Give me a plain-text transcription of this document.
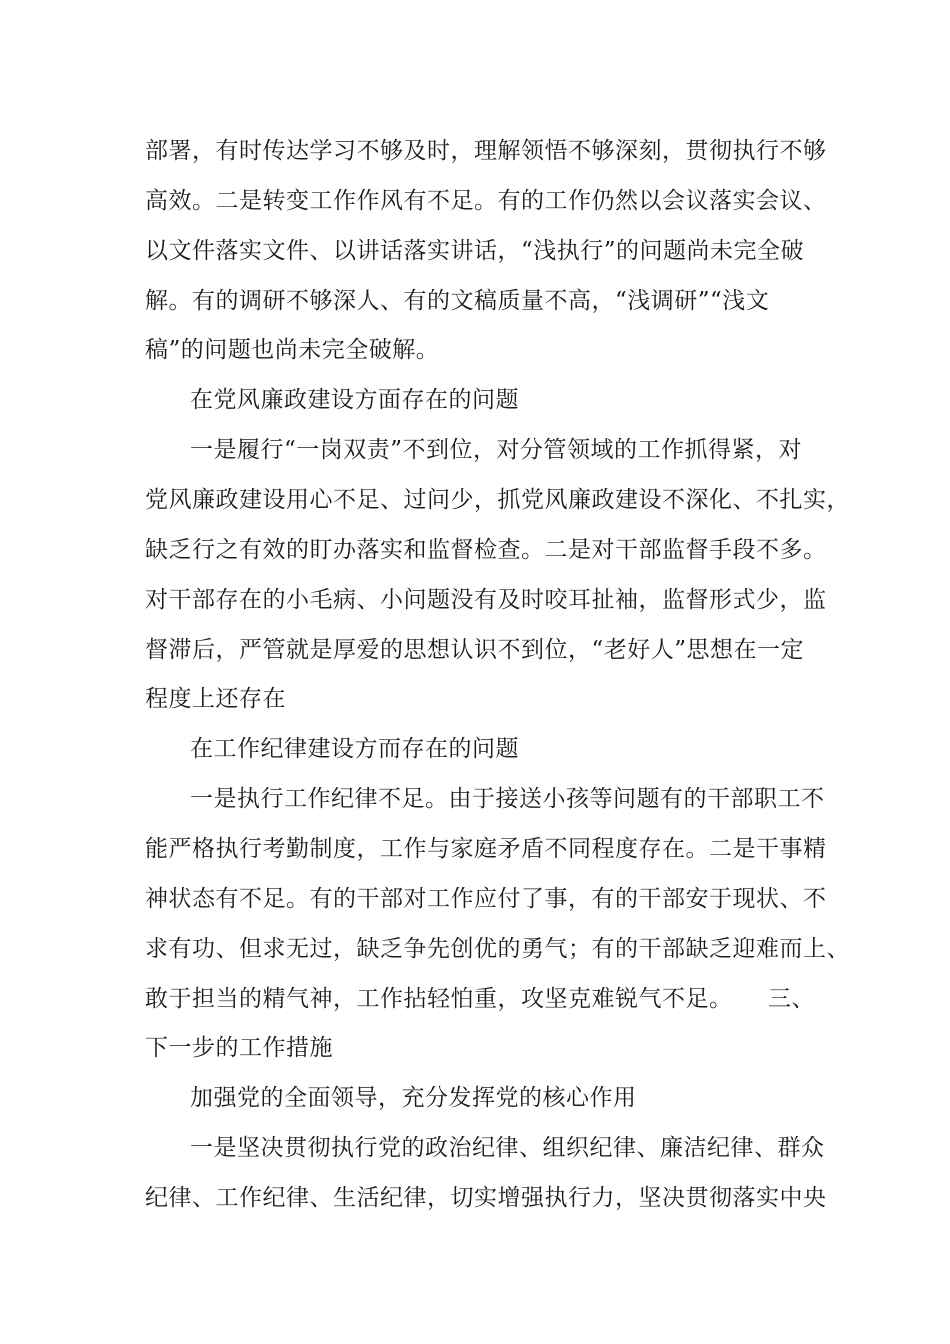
部署，有时传达学习不够及时，理解领悟不够深刻，贯彻执行不够
高效。二是转变工作作风有不足。有的工作仍然以会议落实会议、
以文件落实文件、以讲话落实讲话，“浅执行”的问题尚未完全破
解。有的调研不够深人、有的文稿质量不高，“浅调研”“浅文
稿”的问题也尚未完全破解。
在党风廉政建设方面存在的问题
一是履行“一岗双责”不到位，对分管领域的工作抓得紧，对
党风廉政建设用心不足、过问少，抓党风廉政建设不深化、不扎实，
缺乏行之有效的盯办落实和监督检查。二是对干部监督手段不多。
对干部存在的小毛病、小问题没有及时咬耳扯袖，监督形式少，监
督滞后，严管就是厚爱的思想认识不到位，“老好人”思想在一定
程度上还存在
在工作纪律建设方而存在的问题
一是执行工作纪律不足。由于接送小孩等问题有的干部职工不
能严格执行考勤制度，工作与家庭矛盾不同程度存在。二是干事精
神状态有不足。有的干部对工作应付了事，有的干部安于现状、不
求有功、但求无过，缺乏争先创优的勇气；有的干部缺乏迎难而上、
敢于担当的精气神，工作拈轻怕重，攻坚克难锐气不足。　　三、
下一步的工作措施
加强党的全面领导，充分发挥党的核心作用
一是坚决贯彻执行党的政治纪律、组织纪律、廉洁纪律、群众
纪律、工作纪律、生活纪律，切实增强执行力，坚决贯彻落实中央
